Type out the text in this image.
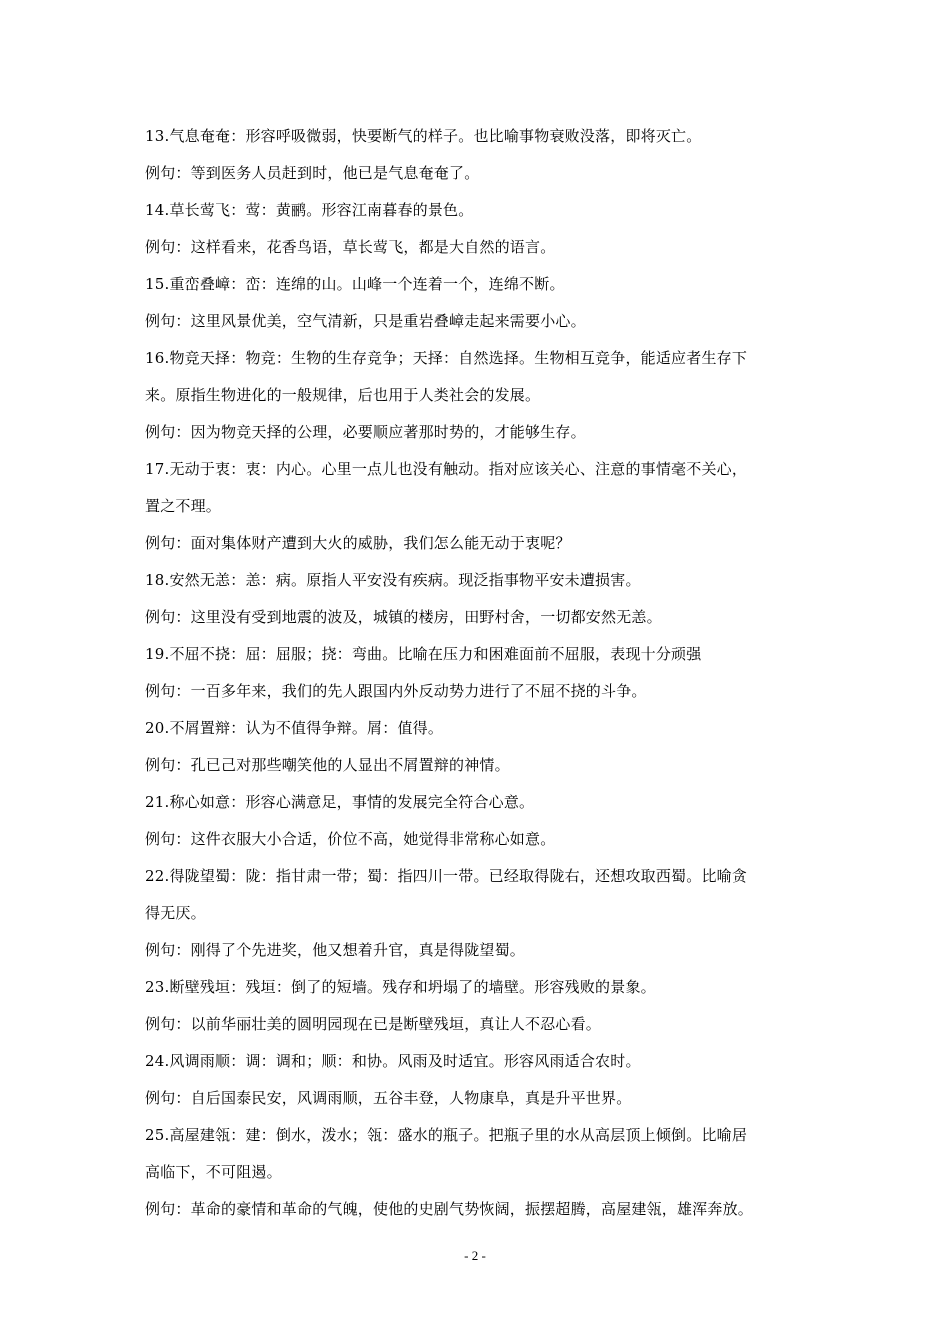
13.气息奄奄：形容呼吸微弱，快要断气的样子。也比喻事物衰败没落，即将灭亡。
例句：等到医务人员赶到时，他已是气息奄奄了。
14.草长莺飞：莺：黄鹂。形容江南暮春的景色。
例句：这样看来，花香鸟语，草长莺飞，都是大自然的语言。
15.重峦叠嶂：峦：连绵的山。山峰一个连着一个，连绵不断。
例句：这里风景优美，空气清新，只是重岩叠嶂走起来需要小心。
16.物竞天择：物竞：生物的生存竞争；天择：自然选择。生物相互竞争，能适应者生存下
来。原指生物进化的一般规律，后也用于人类社会的发展。
例句：因为物竞天择的公理，必要顺应著那时势的，才能够生存。
17.无动于衷：衷：内心。心里一点儿也没有触动。指对应该关心、注意的事情毫不关心，
置之不理。
例句：面对集体财产遭到大火的威胁，我们怎么能无动于衷呢？
18.安然无恙：恙：病。原指人平安没有疾病。现泛指事物平安未遭损害。
例句：这里没有受到地震的波及，城镇的楼房，田野村舍，一切都安然无恙。
19.不屈不挠：屈：屈服；挠：弯曲。比喻在压力和困难面前不屈服，表现十分顽强
例句：一百多年来，我们的先人跟国内外反动势力进行了不屈不挠的斗争。
20.不屑置辩：认为不值得争辩。屑：值得。
例句：孔已己对那些嘲笑他的人显出不屑置辩的神情。
21.称心如意：形容心满意足，事情的发展完全符合心意。
例句：这件衣服大小合适，价位不高，她觉得非常称心如意。
22.得陇望蜀：陇：指甘肃一带；蜀：指四川一带。已经取得陇右，还想攻取西蜀。比喻贪
得无厌。
例句：刚得了个先进奖，他又想着升官，真是得陇望蜀。
23.断壁残垣：残垣：倒了的短墙。残存和坍塌了的墙壁。形容残败的景象。
例句：以前华丽壮美的圆明园现在已是断壁残垣，真让人不忍心看。
24.风调雨顺：调：调和；顺：和协。风雨及时适宜。形容风雨适合农时。
例句：自后国泰民安，风调雨顺，五谷丰登，人物康阜，真是升平世界。
25.高屋建瓴：建：倒水，泼水；瓴：盛水的瓶子。把瓶子里的水从高层顶上倾倒。比喻居
高临下，不可阻遏。
例句：革命的豪情和革命的气魄，使他的史剧气势恢阔，振摆超腾，高屋建瓴，雄浑奔放。
- 2 -
